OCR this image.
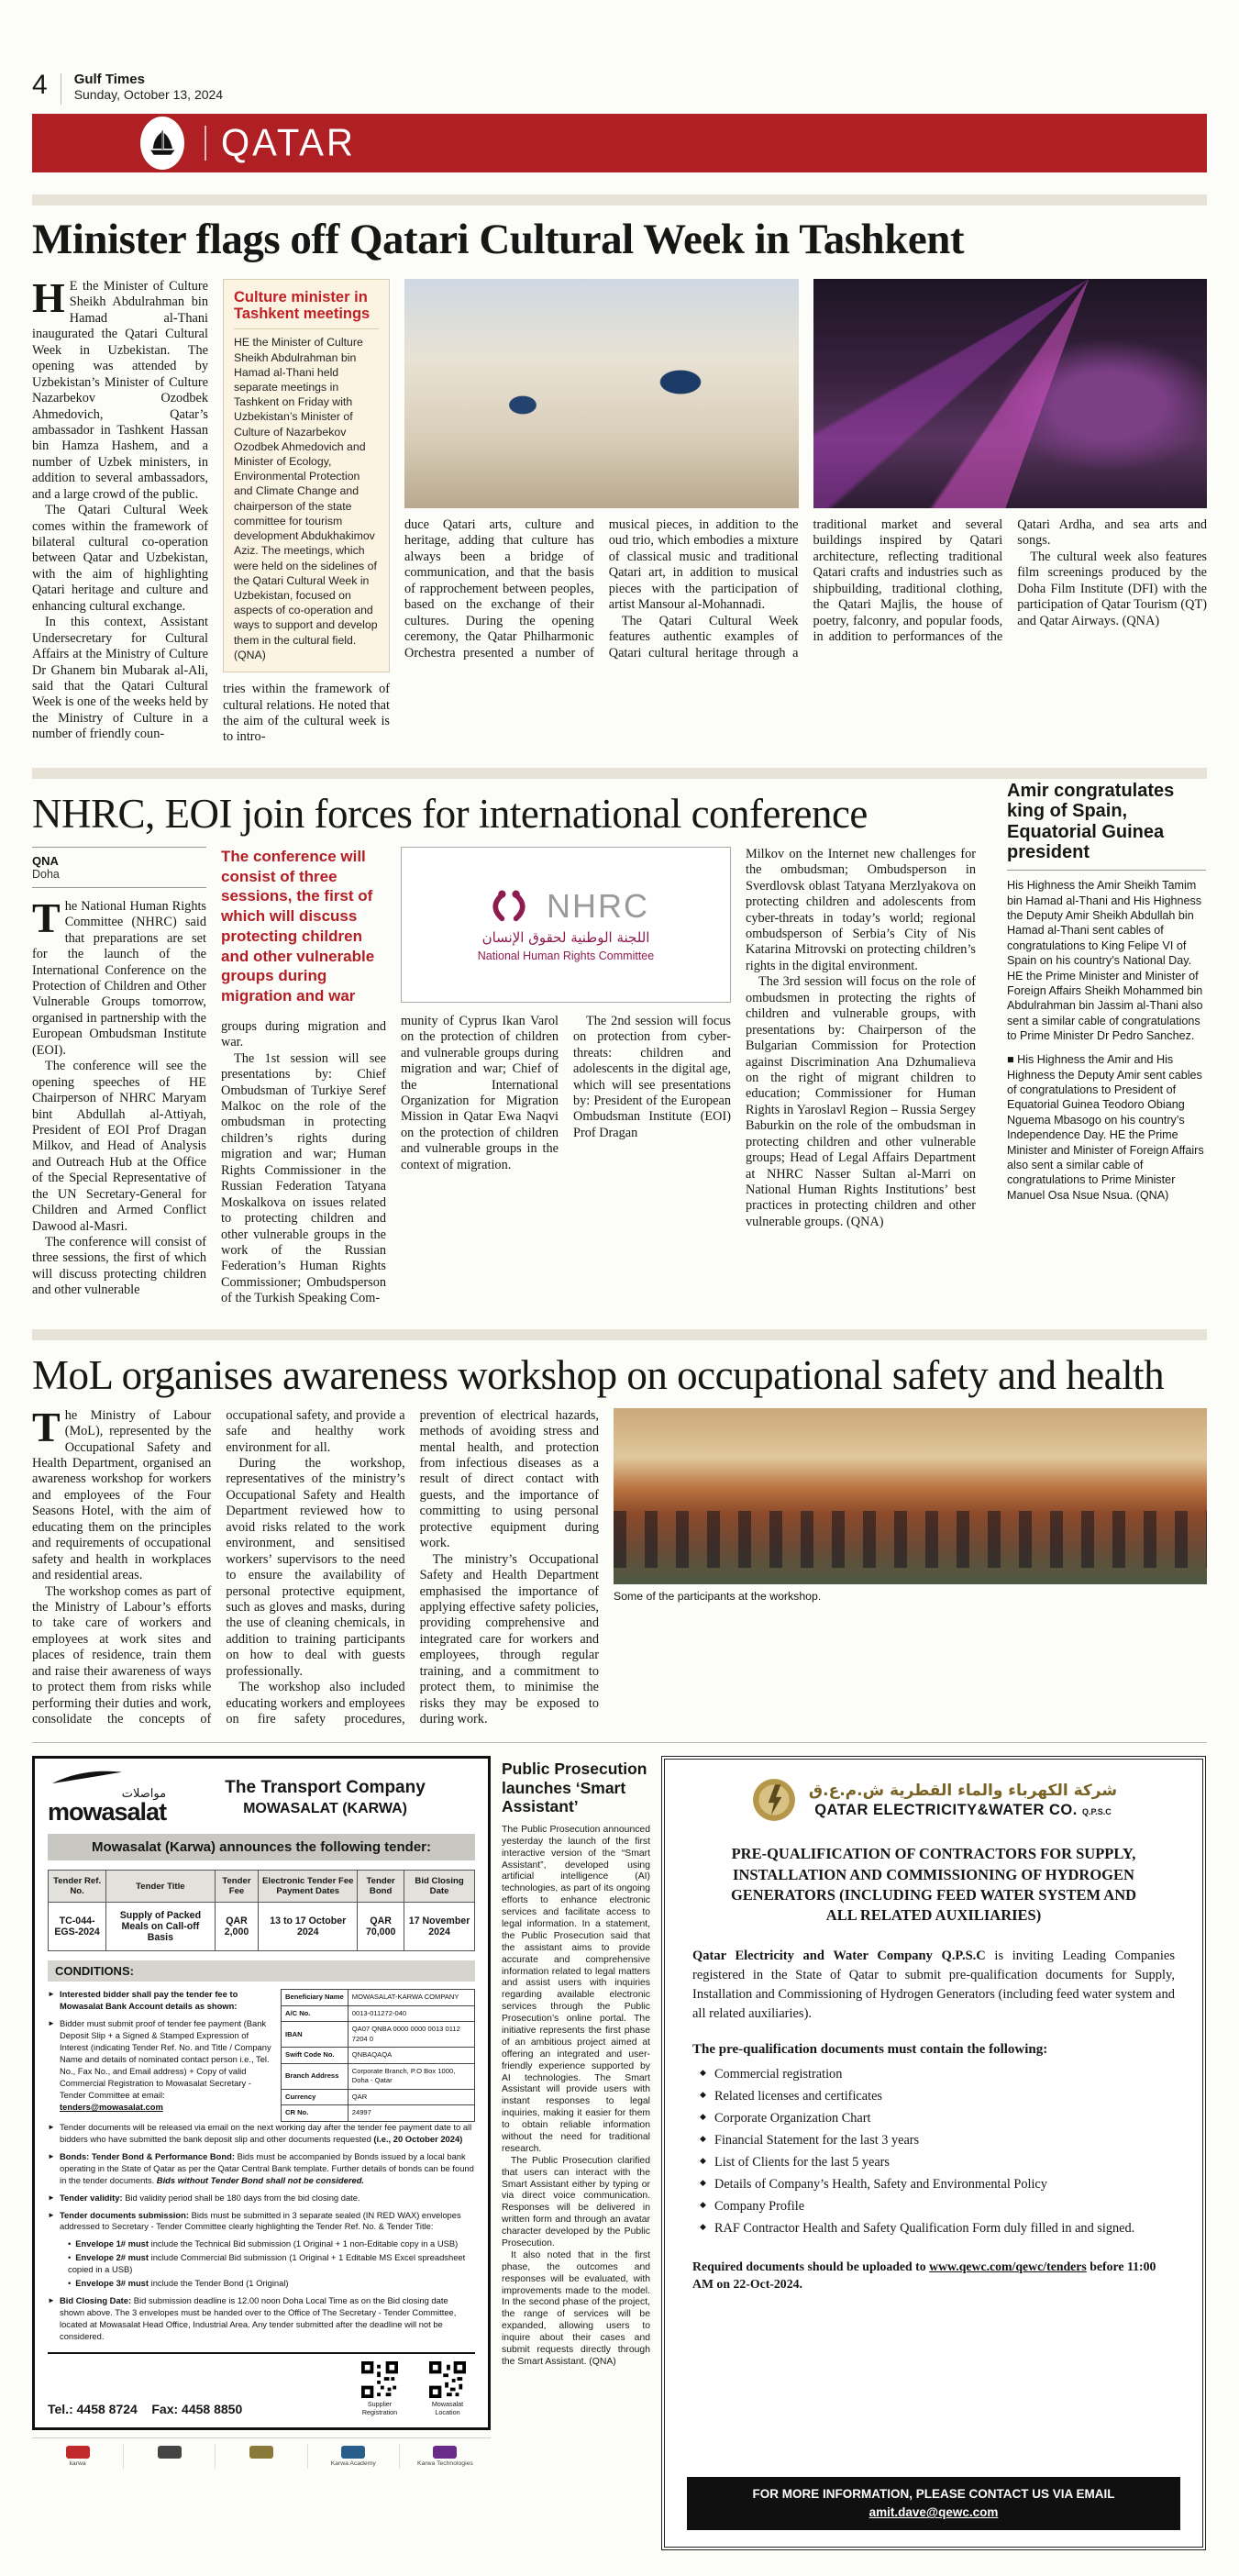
4 Gulf Times
Sunday, October 13, 2024
QATAR
Minister flags off Qatari Cultural Week in Tashkent

HE the Minister of Culture Sheikh Abdulrahman bin Hamad al-Thani inaugurated the Qatari Cultural Week in Uzbekistan. The opening was attended by Uzbekistan’s Minister of Culture Nazarbekov Ozodbek Ahmedovich, Qatar’s ambassador in Tashkent Hassan bin Hamza Hashem, and a number of Uzbek ministers, in addition to several ambassadors, and a large crowd of the public.

The Qatari Cultural Week comes within the framework of bilateral cultural co-operation between Qatar and Uzbekistan, with the aim of highlighting Qatari heritage and culture and enhancing cultural exchange.

In this context, Assistant Undersecretary for Cultural Affairs at the Ministry of Culture Dr Ghanem bin Mubarak al-Ali, said that the Qatari Cultural Week is one of the weeks held by the Ministry of Culture in a number of friendly coun-

Culture minister in Tashkent meetings

HE the Minister of Culture Sheikh Abdulrahman bin Hamad al-Thani held separate meetings in Tashkent on Friday with Uzbekistan’s Minister of Culture of Nazarbekov Ozodbek Ahmedovich and Minister of Ecology, Environmental Protection and Climate Change and chairperson of the state committee for tourism development Abdukhakimov Aziz. The meetings, which were held on the sidelines of the Qatari Cultural Week in Uzbekistan, focused on aspects of co-operation and ways to support and develop them in the cultural field. (QNA)

tries within the framework of cultural relations. He noted that the aim of the cultural week is to intro-

duce Qatari arts, culture and heritage, adding that culture has always been a bridge of communication, and that the basis of rapprochement between peoples, based on the exchange of their cultures. During the opening ceremony, the Qatar Philharmonic Orchestra presented a number of musical pieces, in addition to the oud trio, which embodies a mixture of classical music and traditional Qatari art, in addition to musical pieces with the participation of artist Mansour al-Mohannadi.

The Qatari Cultural Week features authentic examples of Qatari cultural heritage through a traditional market and several buildings inspired by Qatari architecture, reflecting traditional Qatari crafts and industries such as shipbuilding, traditional clothing, the Qatari Majlis, the house of poetry, falconry, and popular foods, in addition to performances of the Qatari Ardha, and sea arts and songs.

The cultural week also features film screenings produced by the Doha Film Institute (DFI) with the participation of Qatar Tourism (QT) and Qatar Airways. (QNA)

NHRC, EOI join forces for international conference
QNA
Doha

The National Human Rights Committee (NHRC) said that preparations are set for the launch of the International Conference on the Protection of Children and Other Vulnerable Groups tomorrow, organised in partnership with the European Ombudsman Institute (EOI).

The conference will see the opening speeches of HE Chairperson of NHRC Maryam bint Abdullah al-Attiyah, President of EOI Prof Dragan Milkov, and Head of Analysis and Outreach Hub at the Office of the Special Representative of the UN Secretary-General for Children and Armed Conflict Dawood al-Masri.

The conference will consist of three sessions, the first of which will discuss protecting children and other vulnerable

The conference will consist of three sessions, the first of which will discuss protecting children and other vulnerable groups during migration and war

groups during migration and war.

The 1st session will see presentations by: Chief Ombudsman of Turkiye Seref Malkoc on the role of the ombudsman in protecting children’s rights during migration and war; Human Rights Commissioner in the Russian Federation Tatyana Moskalkova on issues related to protecting children and other vulnerable groups in the work of the Russian Federation’s Human Rights Commissioner; Ombudsperson of the Turkish Speaking Com-

NHRC
اللجنة الوطنية لحقوق الإنسان
National Human Rights Committee

munity of Cyprus Ikan Varol on the protection of children and vulnerable groups during migration and war; Chief of the International Organization for Migration Mission in Qatar Ewa Naqvi on the protection of children and vulnerable groups in the context of migration.

The 2nd session will focus on protection from cyber-threats: children and adolescents in the digital age, which will see presentations by: President of the European Ombudsman Institute (EOI) Prof Dragan

Milkov on the Internet new challenges for the ombudsman; Ombudsperson in Sverdlovsk oblast Tatyana Merzlyakova on protecting children and adolescents from cyber-threats in today’s world; regional ombudsperson of Serbia’s City of Nis Katarina Mitrovski on protecting children’s rights in the digital environment.

The 3rd session will focus on the role of ombudsmen in protecting the rights of children and vulnerable groups, with presentations by: Chairperson of the Bulgarian Commission for Protection against Discrimination Ana Dzhumalieva on the right of migrant children to education; Commissioner for Human Rights in Yaroslavl Region – Russia Sergey Baburkin on the role of the ombudsman in protecting children and other vulnerable groups; Head of Legal Affairs Department at NHRC Nasser Sultan al-Marri on National Human Rights Institutions’ best practices in protecting children and other vulnerable groups. (QNA)

Amir congratulates king of Spain, Equatorial Guinea president

His Highness the Amir Sheikh Tamim bin Hamad al-Thani and His Highness the Deputy Amir Sheikh Abdullah bin Hamad al-Thani sent cables of congratulations to King Felipe VI of Spain on his country’s National Day. HE the Prime Minister and Minister of Foreign Affairs Sheikh Mohammed bin Abdulrahman bin Jassim al-Thani also sent a similar cable of congratulations to Prime Minister Dr Pedro Sanchez.

■ His Highness the Amir and His Highness the Deputy Amir sent cables of congratulations to President of Equatorial Guinea Teodoro Obiang Nguema Mbasogo on his country’s Independence Day. HE the Prime Minister and Minister of Foreign Affairs also sent a similar cable of congratulations to Prime Minister Manuel Osa Nsue Nsua. (QNA)

MoL organises awareness workshop on occupational safety and health

The Ministry of Labour (MoL), represented by the Occupational Safety and Health Department, organised an awareness workshop for workers and employees of the Four Seasons Hotel, with the aim of educating them on the principles and requirements of occupational safety and health in workplaces and residential areas.

The workshop comes as part of the Ministry of Labour’s efforts to take care of workers and employees at work sites and places of residence, train them and raise their awareness of ways to protect them from risks while performing their duties and work, consolidate the concepts of occupational safety, and provide a safe and healthy work environment for all.

During the workshop, representatives of the ministry’s Occupational Safety and Health Department reviewed how to avoid risks related to the work environment, and sensitised workers’ supervisors to the need to ensure the availability of personal protective equipment, such as gloves and masks, during the use of cleaning chemicals, in addition to training participants on how to deal with guests professionally.

The workshop also included educating workers and employees on fire safety procedures, prevention of electrical hazards, methods of avoiding stress and mental health, and protection from infectious diseases as a result of direct contact with guests, and the importance of committing to using personal protective equipment during work.

The ministry’s Occupational Safety and Health Department emphasised the importance of applying effective safety policies, providing comprehensive and integrated care for workers and employees, through regular training, and a commitment to protect them, to minimise the risks they may be exposed to during work.

Some of the participants at the workshop.
مواصلات
mowasalat
The Transport Company
MOWASALAT (KARWA)
Mowasalat (Karwa) announces the following tender:
Tender Ref. No.	Tender Title	Tender Fee	Electronic Tender Fee Payment Dates	Tender Bond	Bid Closing Date
TC-044-EGS-2024	Supply of Packed Meals on Call-off Basis	QAR 2,000	13 to 17 October 2024	QAR 70,000	17 November 2024
CONDITIONS:

► Interested bidder shall pay the tender fee to Mowasalat Bank Account details as shown:

► Bidder must submit proof of tender fee payment (Bank Deposit Slip + a Signed & Stamped Expression of Interest (indicating Tender Ref. No. and Title / Company Name and details of nominated contact person i.e., Tel. No., Fax No., and Email address) + Copy of valid Commercial Registration to Mowasalat Secretary - Tender Committee at email:
tenders@mowasalat.com

Beneficiary Name	MOWASALAT-KARWA COMPANY
A/C No.	0013-011272-040
IBAN	QA07 QNBA 0000 0000 0013 0112 7204 0
Swift Code No.	QNBAQAQA
Branch Address	Corporate Branch, P.O Box 1000, Doha - Qatar
Currency	QAR
CR No.	24997

► Tender documents will be released via email on the next working day after the tender fee payment date to all bidders who have submitted the bank deposit slip and other documents requested (i.e., 20 October 2024)

► Bonds: Tender Bond & Performance Bond: Bids must be accompanied by Bonds issued by a local bank operating in the State of Qatar as per the Qatar Central Bank template. Further details of bonds can be found in the tender documents. Bids without Tender Bond shall not be considered.

► Tender validity: Bid validity period shall be 180 days from the bid closing date.

► Tender documents submission: Bids must be submitted in 3 separate sealed (IN RED WAX) envelopes addressed to Secretary - Tender Committee clearly highlighting the Tender Ref. No. & Tender Title:

• Envelope 1# must include the Technical Bid submission (1 Original + 1 non-Editable copy in a USB)
• Envelope 2# must include Commercial Bid submission (1 Original + 1 Editable MS Excel spreadsheet copied in a USB)
• Envelope 3# must include the Tender Bond (1 Original)

► Bid Closing Date: Bid submission deadline is 12.00 noon Doha Local Time as on the Bid closing date shown above. The 3 envelopes must be handed over to the Office of The Secretary - Tender Committee, located at Mowasalat Head Office, Industrial Area. Any tender submitted after the deadline will not be considered.

Tel.: 4458 8724 Fax: 4458 8850	Supplier Registration
Mowasalat Location
karwa

	Karwa Academy	Karwa Technologies
Public Prosecution launches ‘Smart Assistant’

The Public Prosecution announced yesterday the launch of the first interactive version of the “Smart Assistant”, developed using artificial intelligence (AI) technologies, as part of its ongoing efforts to enhance electronic services and facilitate access to legal information. In a statement, the Public Prosecution said that the assistant aims to provide accurate and comprehensive information related to legal matters and assist users with inquiries regarding available electronic services through the Public Prosecution’s online portal. The initiative represents the first phase of an ambitious project aimed at offering an integrated and user-friendly experience supported by AI technologies. The Smart Assistant will provide users with instant responses to legal inquiries, making it easier for them to obtain reliable information without the need for traditional research.

The Public Prosecution clarified that users can interact with the Smart Assistant either by typing or via direct voice communication. Responses will be delivered in written form and through an avatar character developed by the Public Prosecution.

It also noted that in the first phase, the outcomes and responses will be evaluated, with improvements made to the model. In the second phase of the project, the range of services will be expanded, allowing users to inquire about their cases and submit requests directly through the Smart Assistant. (QNA)

شركة الكهرباء والماء القطرية ش.م.ع.ق
QATAR ELECTRICITY&WATER CO. Q.P.S.C
PRE-QUALIFICATION OF CONTRACTORS FOR SUPPLY, INSTALLATION AND COMMISSIONING OF HYDROGEN GENERATORS (INCLUDING FEED WATER SYSTEM AND ALL RELATED AUXILIARIES)
Qatar Electricity and Water Company Q.P.S.C is inviting Leading Companies registered in the State of Qatar to submit pre-qualification documents for Supply, Installation and Commissioning of Hydrogen Generators (including feed water system and all related auxiliaries).
The pre-qualification documents must contain the following:
◆ Commercial registration
◆ Related licenses and certificates
◆ Corporate Organization Chart
◆ Financial Statement for the last 3 years
◆ List of Clients for the last 5 years
◆ Details of Company’s Health, Safety and Environmental Policy
◆ Company Profile
◆ RAF Contractor Health and Safety Qualification Form duly filled in and signed.
Required documents should be uploaded to www.qewc.com/qewc/tenders before 11:00 AM on 22-Oct-2024.
FOR MORE INFORMATION, PLEASE CONTACT US VIA EMAIL
amit.dave@qewc.com
